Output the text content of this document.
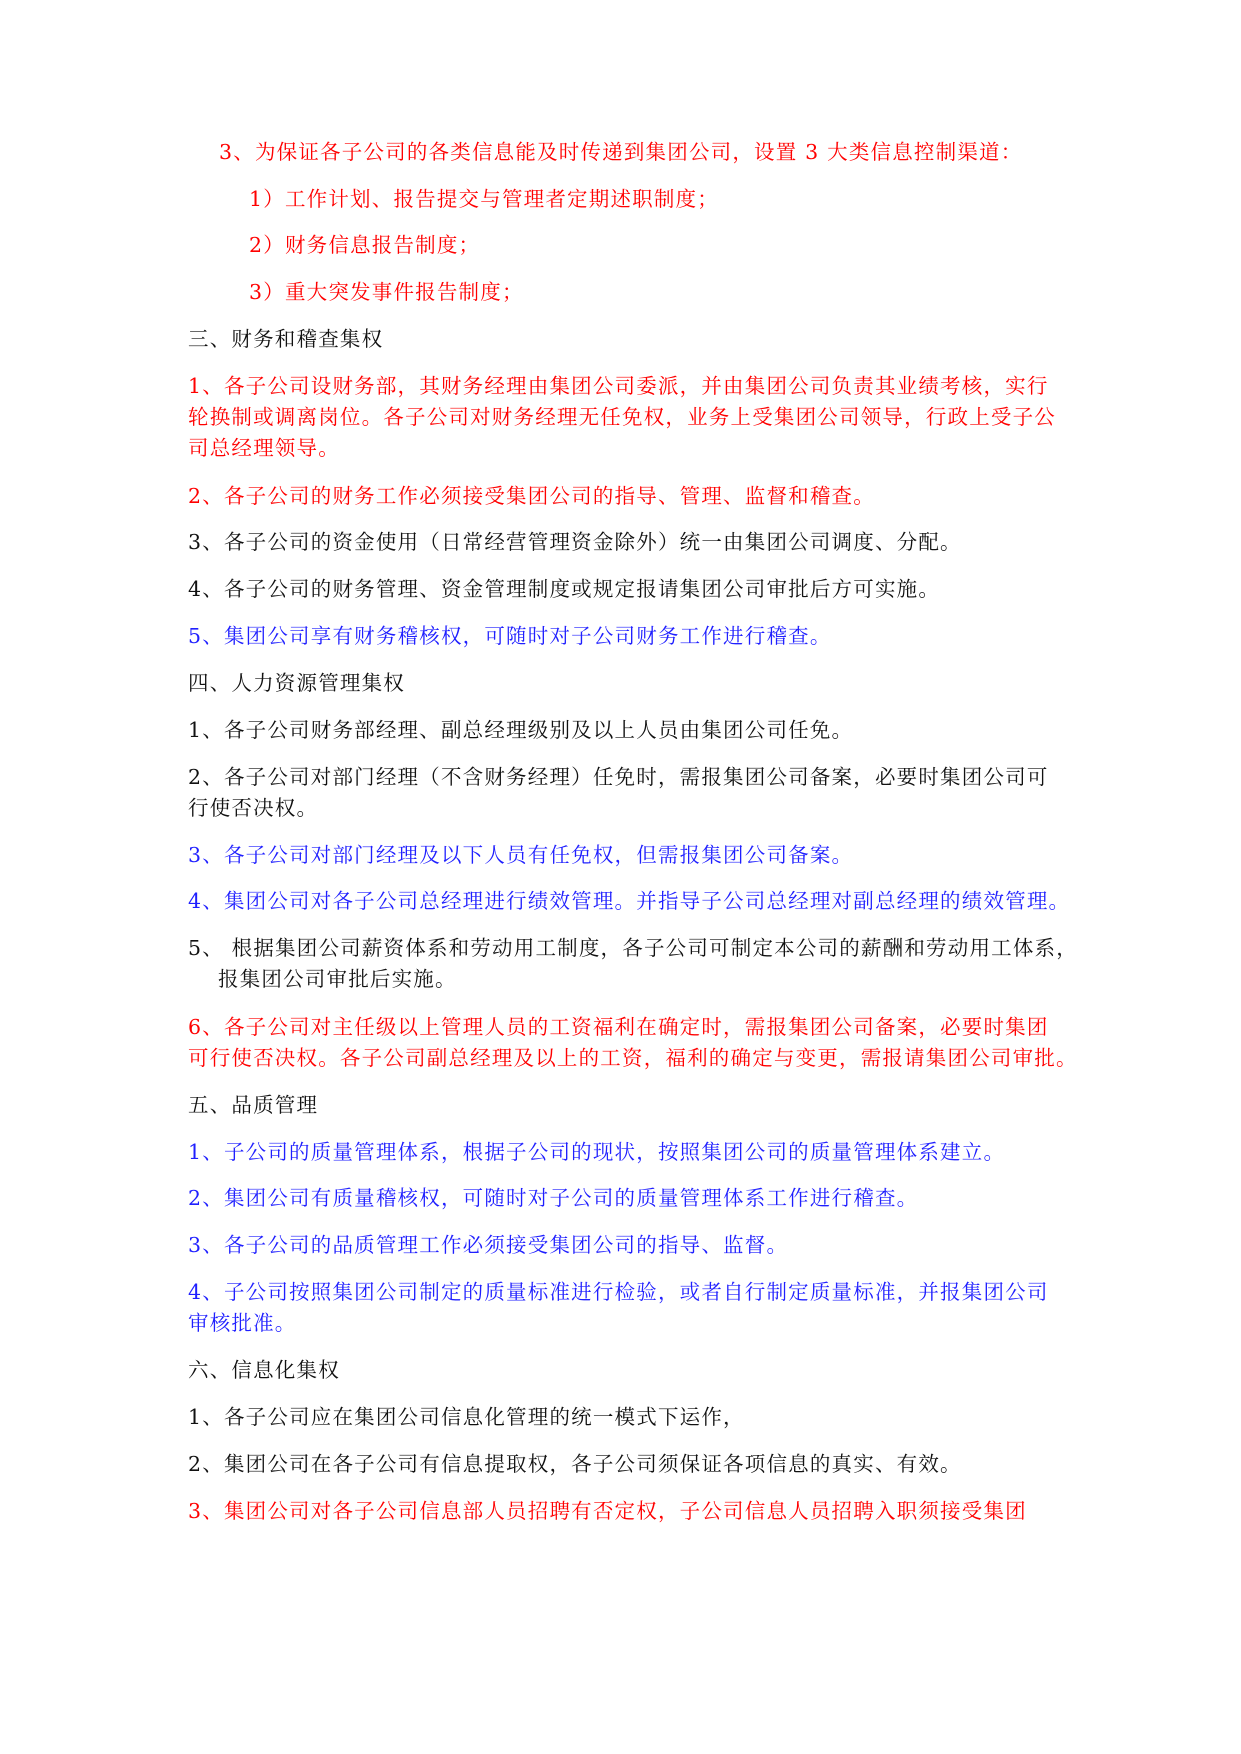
3、为保证各子公司的各类信息能及时传递到集团公司，设置 3 大类信息控制渠道：
1）工作计划、报告提交与管理者定期述职制度；
2）财务信息报告制度；
3）重大突发事件报告制度；
三、财务和稽查集权
1、各子公司设财务部，其财务经理由集团公司委派，并由集团公司负责其业绩考核，实行
轮换制或调离岗位。各子公司对财务经理无任免权，业务上受集团公司领导，行政上受子公
司总经理领导。
2、各子公司的财务工作必须接受集团公司的指导、管理、监督和稽查。
3、各子公司的资金使用（日常经营管理资金除外）统一由集团公司调度、分配。
4、各子公司的财务管理、资金管理制度或规定报请集团公司审批后方可实施。
5、集团公司享有财务稽核权，可随时对子公司财务工作进行稽查。
四、人力资源管理集权
1、各子公司财务部经理、副总经理级别及以上人员由集团公司任免。
2、各子公司对部门经理（不含财务经理）任免时，需报集团公司备案，必要时集团公司可
行使否决权。
3、各子公司对部门经理及以下人员有任免权，但需报集团公司备案。
4、集团公司对各子公司总经理进行绩效管理。并指导子公司总经理对副总经理的绩效管理。
5、 根据集团公司薪资体系和劳动用工制度，各子公司可制定本公司的薪酬和劳动用工体系，
报集团公司审批后实施。
6、各子公司对主任级以上管理人员的工资福利在确定时，需报集团公司备案，必要时集团
可行使否决权。各子公司副总经理及以上的工资，福利的确定与变更，需报请集团公司审批。
五、品质管理
1、子公司的质量管理体系，根据子公司的现状，按照集团公司的质量管理体系建立。
2、集团公司有质量稽核权，可随时对子公司的质量管理体系工作进行稽查。
3、各子公司的品质管理工作必须接受集团公司的指导、监督。
4、子公司按照集团公司制定的质量标准进行检验，或者自行制定质量标准，并报集团公司
审核批准。
六、信息化集权
1、各子公司应在集团公司信息化管理的统一模式下运作，
2、集团公司在各子公司有信息提取权，各子公司须保证各项信息的真实、有效。
3、集团公司对各子公司信息部人员招聘有否定权，子公司信息人员招聘入职须接受集团
